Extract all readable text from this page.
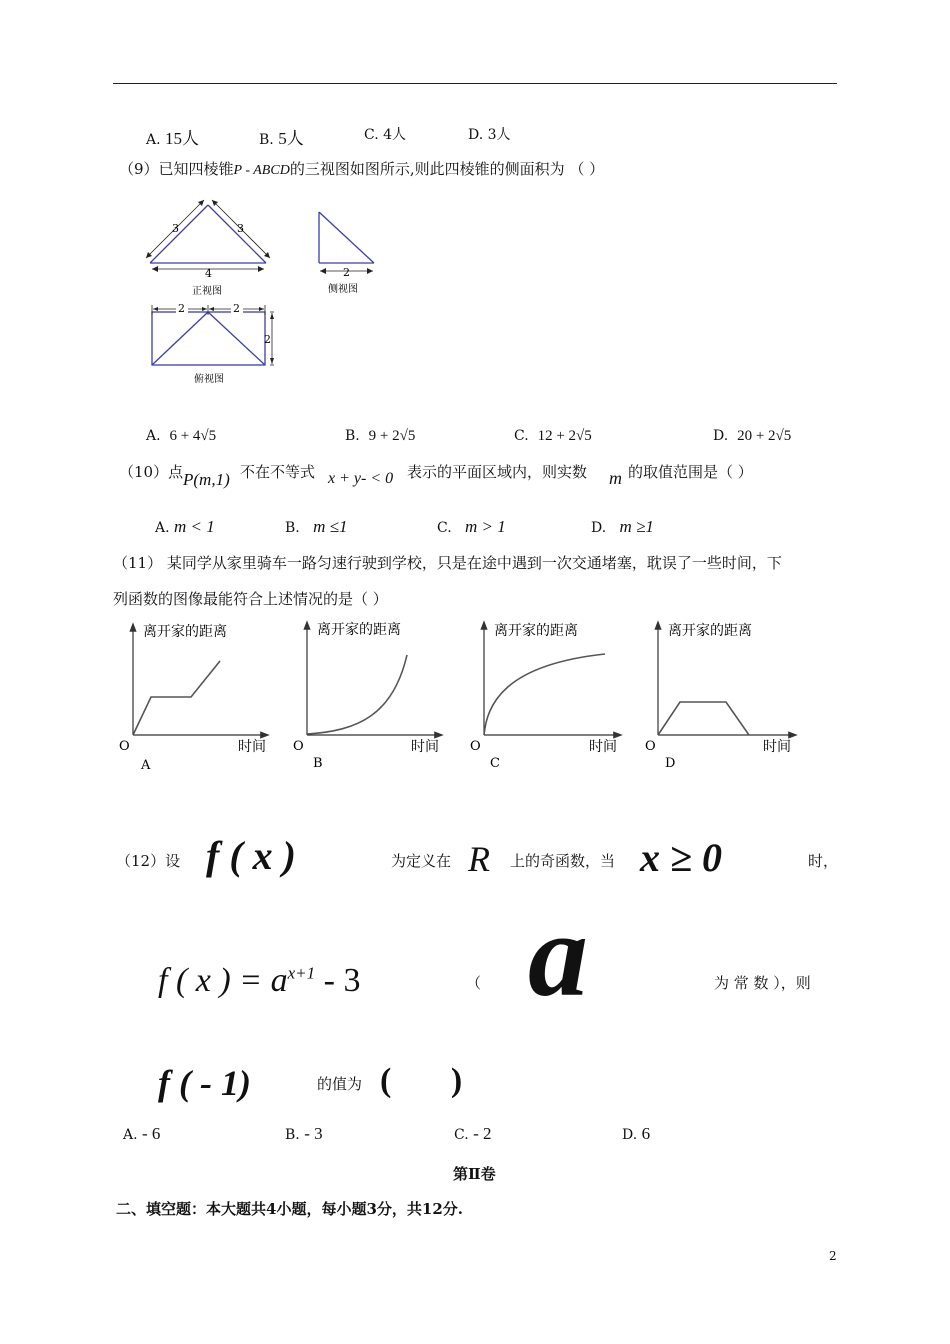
A. 15人	B. 5人	C. 4人	D. 3人
（9）已知四棱锥P - ABCD的三视图如图所示,则此四棱锥的侧面积为 （ ）
3	3
4
正视图
2
侧视图
2	2
2
俯视图
A. 6 + 4√5	B. 9 + 2√5	C. 12 + 2√5	D. 20 + 2√5
（10）点 P(m,1) 不在不等式 x + y- < 0 表示的平面区域内，则实数 m 的取值范围是（ ）
A. m < 1	B. m ≤1	C. m > 1	D. m ≥1
（11） 某同学从家里骑车一路匀速行驶到学校，只是在途中遇到一次交通堵塞，耽误了一些时间，下
列函数的图像最能符合上述情况的是（ ）
离开家的距离
时间
O
A
离开家的距离
时间
O
B
离开家的距离
时间
O
C
离开家的距离
时间
O
D
（12）设 f ( x )	为定义在 R 上的奇函数，当 x ≥ 0	时，
f ( x ) = $a^{x+1} - 3$	（ a	为 常 数 ），则
f ( - 1)	的值为 (       )
A. - 6	B. - 3	C. - 2	D. 6
第Ⅱ卷
二、填空题：本大题共4小题，每小题3分，共12分.
2
